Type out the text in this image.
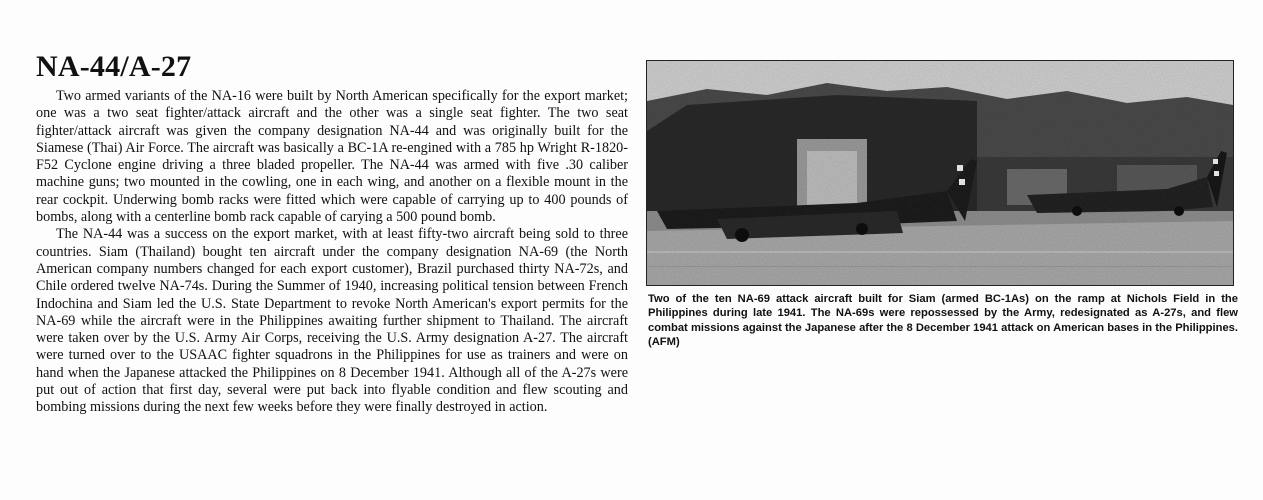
NA-44/A-27

Two armed variants of the NA-16 were built by North American specifically for the export market; one was a two seat fighter/attack aircraft and the other was a single seat fighter. The two seat fighter/attack aircraft was given the company designation NA-44 and was originally built for the Siamese (Thai) Air Force. The aircraft was basically a BC-1A re-engined with a 785 hp Wright R-1820-F52 Cyclone engine driving a three bladed propeller. The NA-44 was armed with five .30 caliber machine guns; two mounted in the cowling, one in each wing, and another on a flexible mount in the rear cockpit. Underwing bomb racks were fitted which were capable of carrying up to 400 pounds of bombs, along with a centerline bomb rack capable of carying a 500 pound bomb.

The NA-44 was a success on the export market, with at least fifty-two aircraft being sold to three countries. Siam (Thailand) bought ten aircraft under the company designation NA-69 (the North American company numbers changed for each export customer), Brazil purchased thirty NA-72s, and Chile ordered twelve NA-74s. During the Summer of 1940, increasing political tension between French Indochina and Siam led the U.S. State Department to revoke North American's export permits for the NA-69 while the aircraft were in the Philippines awaiting further shipment to Thailand. The aircraft were taken over by the U.S. Army Air Corps, receiving the U.S. Army designation A-27. The aircraft were turned over to the USAAC fighter squadrons in the Philippines for use as trainers and were on hand when the Japanese attacked the Philippines on 8 December 1941. Although all of the A-27s were put out of action that first day, several were put back into flyable condition and flew scouting and bombing missions during the next few weeks before they were finally destroyed in action.

Two of the ten NA-69 attack aircraft built for Siam (armed BC-1As) on the ramp at Nichols Field in the Philippines during late 1941. The NA-69s were repossessed by the Army, redesignated as A-27s, and flew combat missions against the Japanese after the 8 December 1941 attack on American bases in the Philippines. (AFM)
